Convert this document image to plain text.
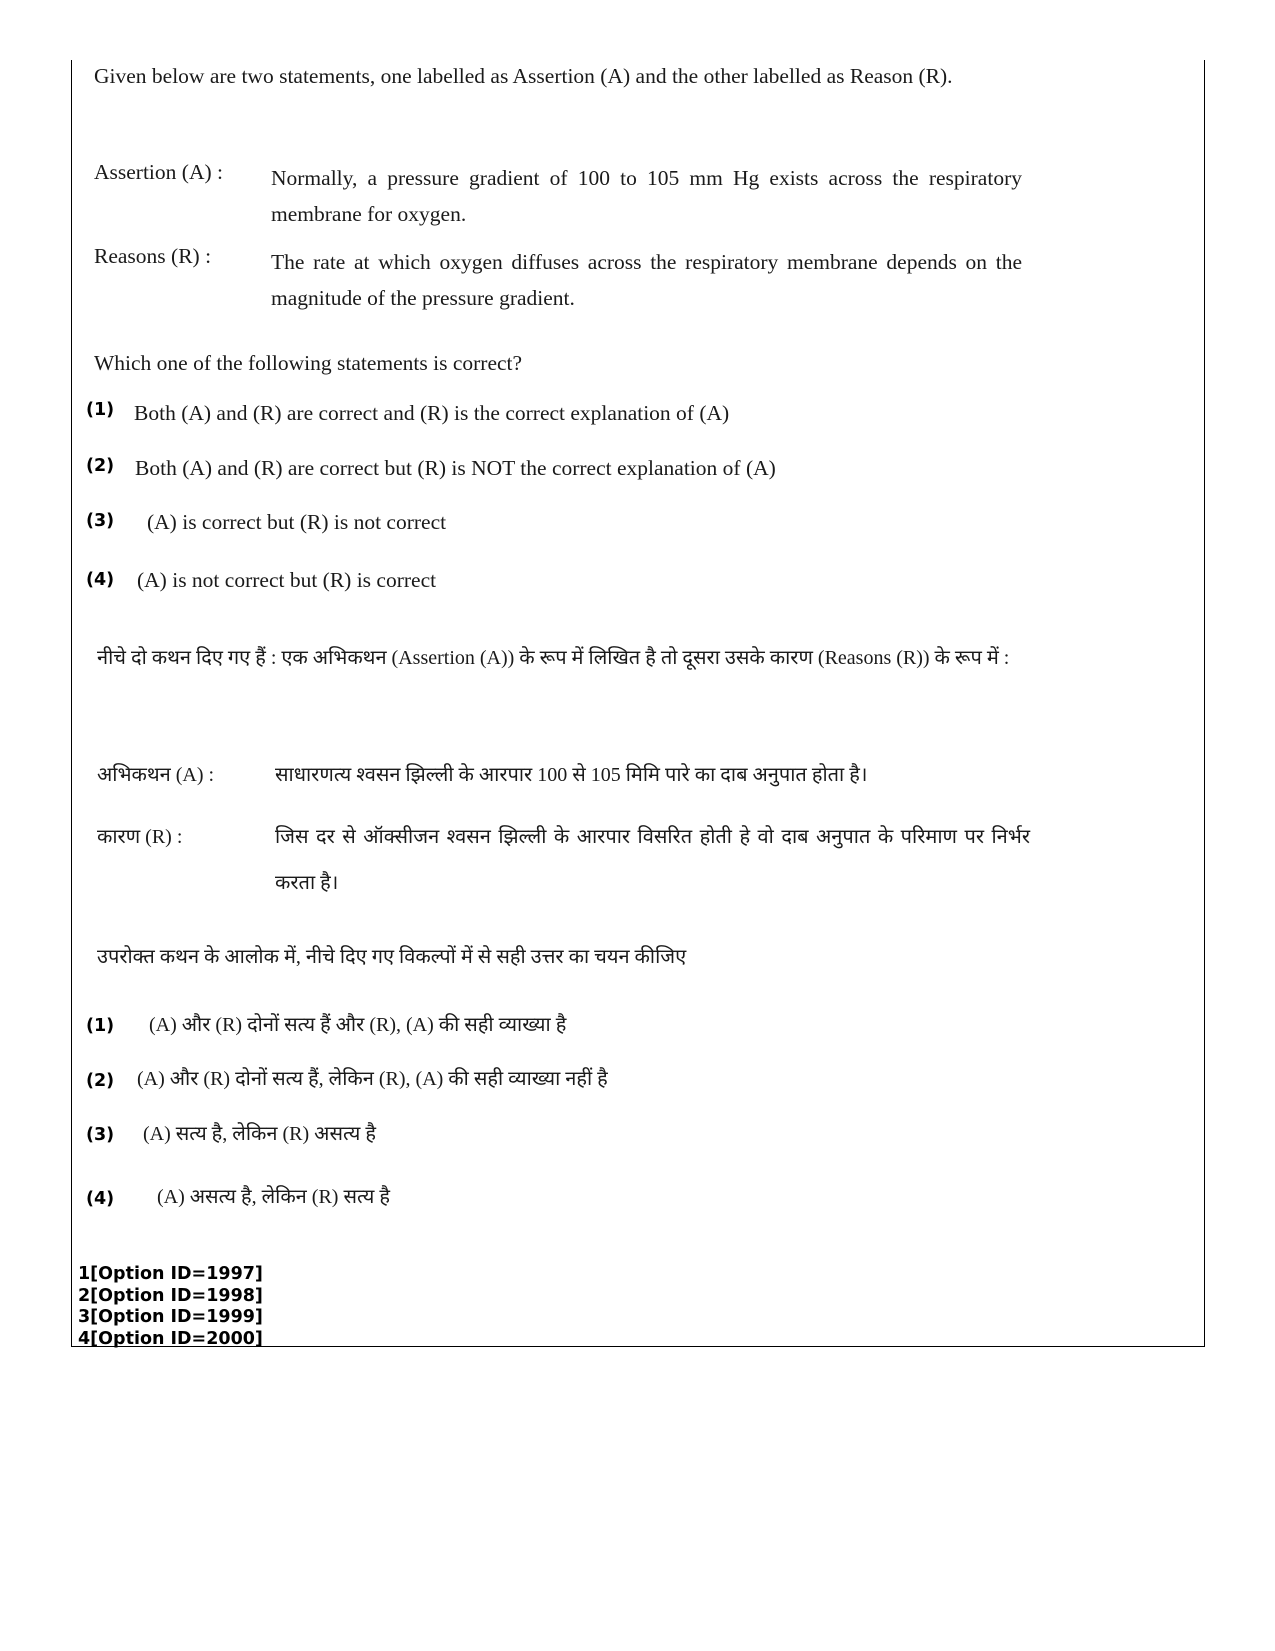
Given below are two statements, one labelled as Assertion (A) and the other labelled as Reason (R).
Assertion (A) : Normally, a pressure gradient of 100 to 105 mm Hg exists across the respiratory membrane for oxygen.
Reasons (R) :	The rate at which oxygen diffuses across the respiratory membrane depends on the magnitude of the pressure gradient.
Which one of the following statements is correct?
(1) Both (A) and (R) are correct and (R) is the correct explanation of (A)
(2) Both (A) and (R) are correct but (R) is NOT the correct explanation of (A)
(3) (A) is correct but (R) is not correct
(4) (A) is not correct but (R) is correct
नीचे दो कथन दिए गए हैं : एक अभिकथन (Assertion (A)) के रूप में लिखित है तो दूसरा उसके कारण (Reasons (R)) के रूप में :
अभिकथन (A) :	साधारणत्य श्वसन झिल्ली के आरपार 100 से 105 मिमि पारे का दाब अनुपात होता है।
कारण (R) :	जिस दर से ऑक्सीजन श्वसन झिल्ली के आरपार विसरित होती हे वो दाब अनुपात के परिमाण पर निर्भर करता है।
उपरोक्त कथन के आलोक में, नीचे दिए गए विकल्पों में से सही उत्तर का चयन कीजिए
(1) (A) और (R) दोनों सत्य हैं और (R), (A) की सही व्याख्या है
(2) (A) और (R) दोनों सत्य हैं, लेकिन (R), (A) की सही व्याख्या नहीं है
(3) (A) सत्य है, लेकिन (R) असत्य है
(4) (A) असत्य है, लेकिन (R) सत्य है
1[Option ID=1997]
2[Option ID=1998]
3[Option ID=1999]
4[Option ID=2000]
